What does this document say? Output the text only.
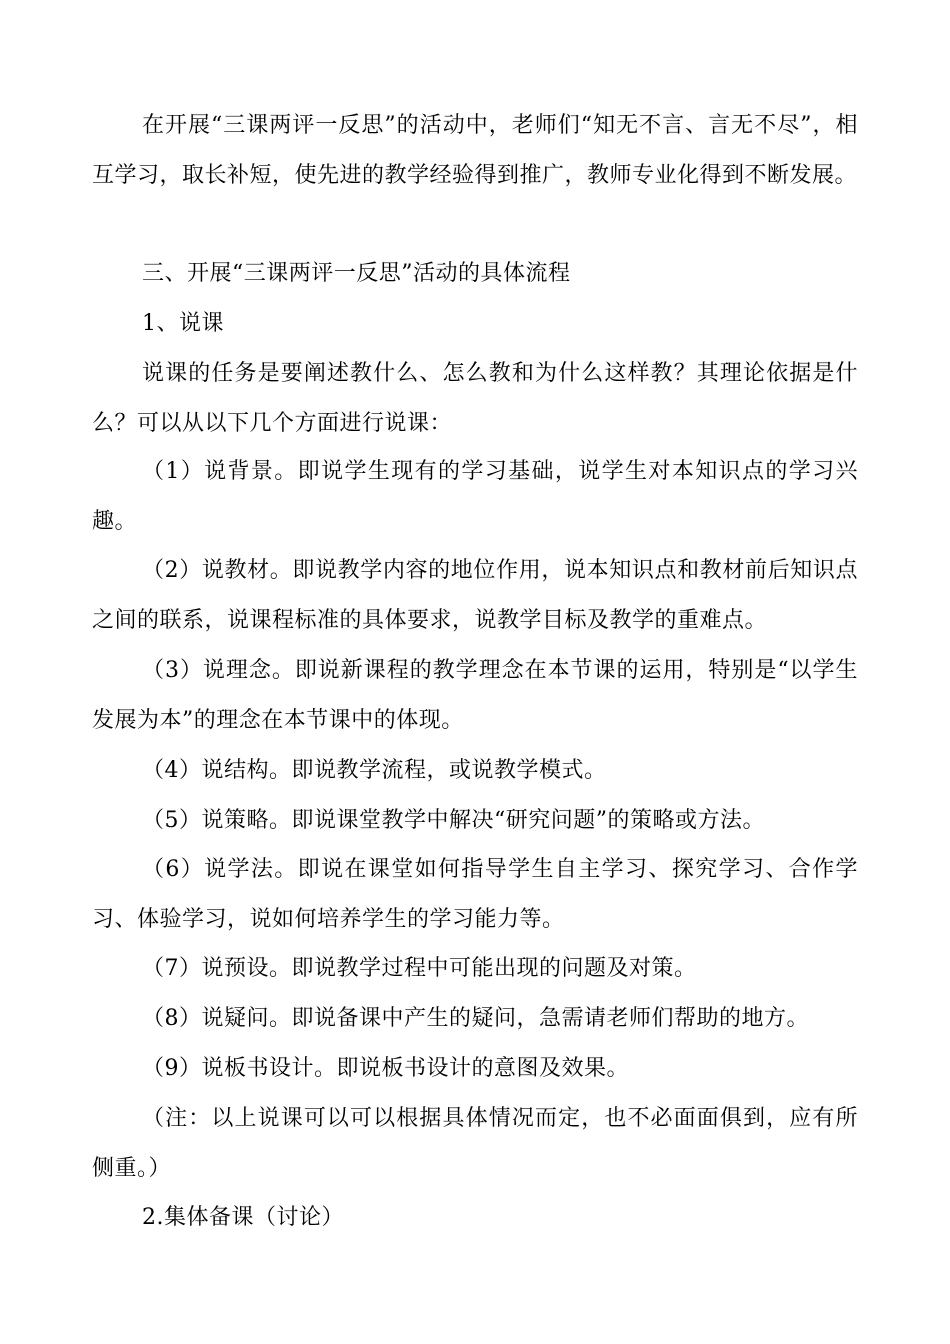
在开展“三课两评一反思”的活动中，老师们“知无不言、言无不尽”，相互学习，取长补短，使先进的教学经验得到推广，教师专业化得到不断发展。

三、开展“三课两评一反思”活动的具体流程

1、说课

说课的任务是要阐述教什么、怎么教和为什么这样教？其理论依据是什么？可以从以下几个方面进行说课：

（1）说背景。即说学生现有的学习基础，说学生对本知识点的学习兴趣。

（2）说教材。即说教学内容的地位作用，说本知识点和教材前后知识点之间的联系，说课程标准的具体要求，说教学目标及教学的重难点。

（3）说理念。即说新课程的教学理念在本节课的运用，特别是“以学生发展为本”的理念在本节课中的体现。

（4）说结构。即说教学流程，或说教学模式。

（5）说策略。即说课堂教学中解决“研究问题”的策略或方法。

（6）说学法。即说在课堂如何指导学生自主学习、探究学习、合作学习、体验学习，说如何培养学生的学习能力等。

（7）说预设。即说教学过程中可能出现的问题及对策。

（8）说疑问。即说备课中产生的疑问，急需请老师们帮助的地方。

（9）说板书设计。即说板书设计的意图及效果。

（注：以上说课可以可以根据具体情况而定，也不必面面俱到，应有所侧重。）

2.集体备课（讨论）
